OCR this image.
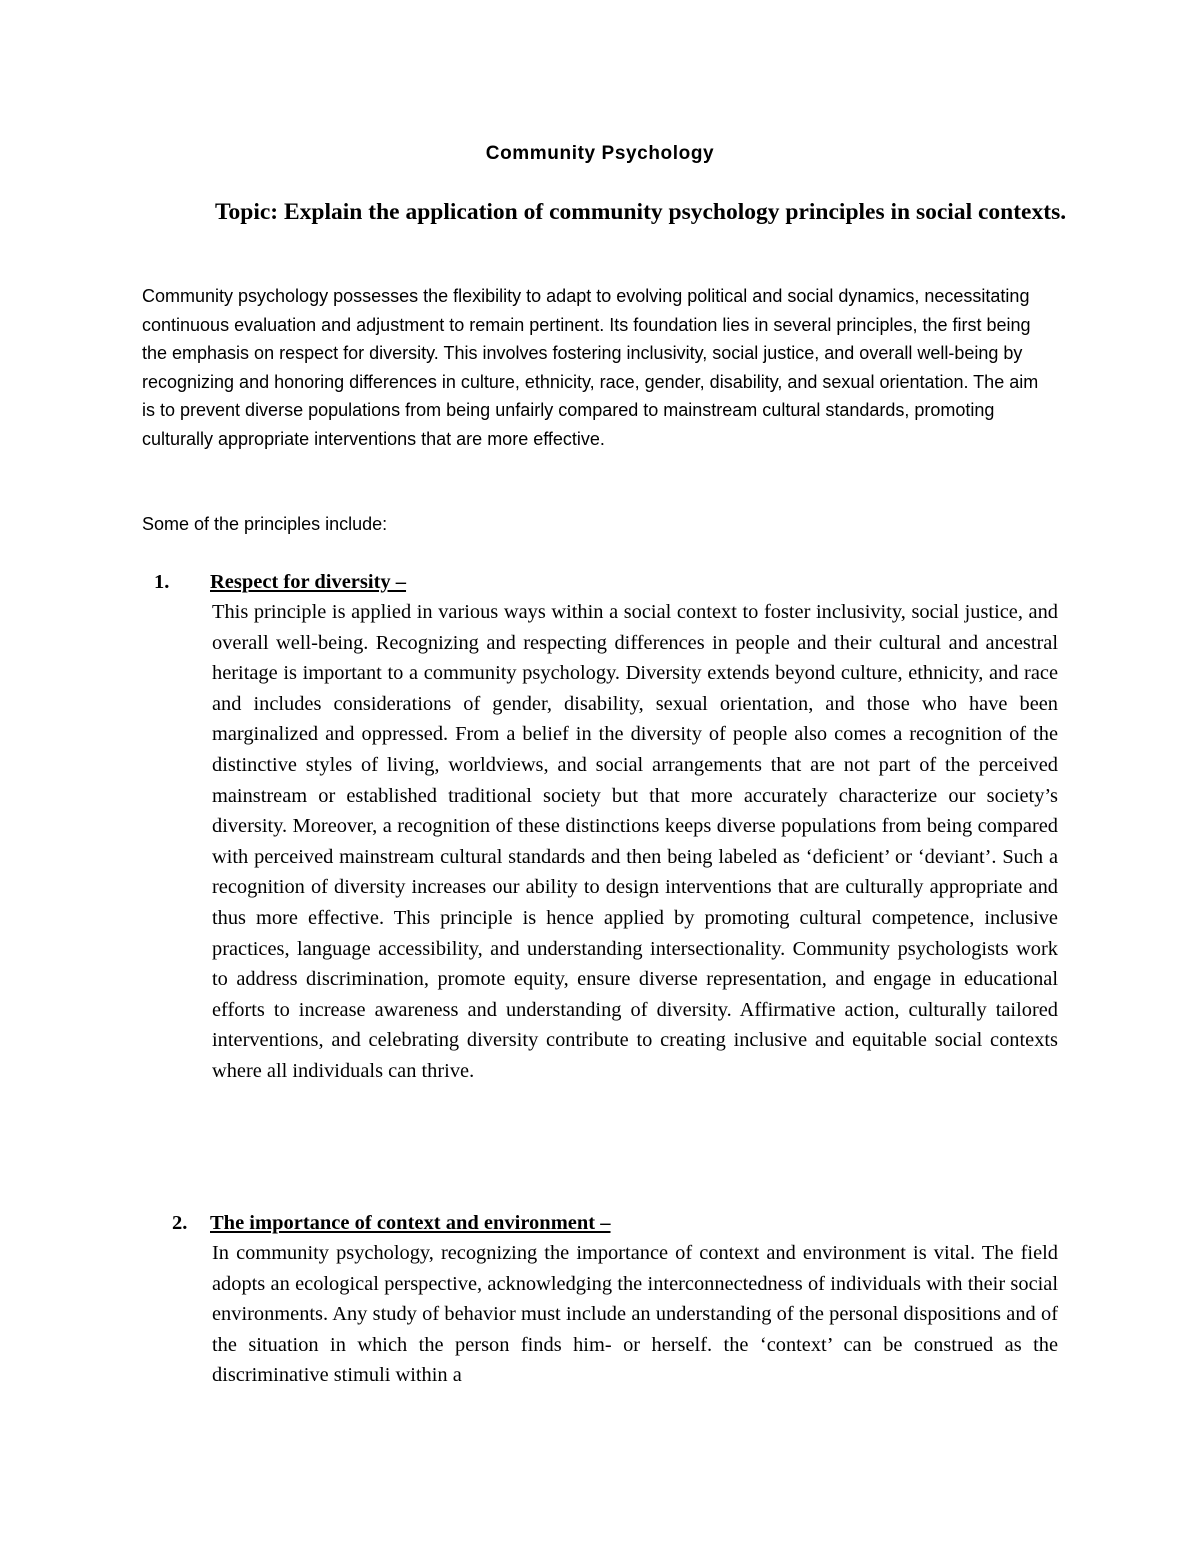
Community Psychology
Topic: Explain the application of community psychology principles in social contexts.

Community psychology possesses the flexibility to adapt to evolving political and social dynamics, necessitating continuous evaluation and adjustment to remain pertinent. Its foundation lies in several principles, the first being the emphasis on respect for diversity. This involves fostering inclusivity, social justice, and overall well-being by recognizing and honoring differences in culture, ethnicity, race, gender, disability, and sexual orientation. The aim is to prevent diverse populations from being unfairly compared to mainstream cultural standards, promoting culturally appropriate interventions that are more effective.

Some of the principles include:
1. Respect for diversity –

This principle is applied in various ways within a social context to foster inclusivity, social justice, and overall well-being. Recognizing and respecting differences in people and their cultural and ancestral heritage is important to a community psychology. Diversity extends beyond culture, ethnicity, and race and includes considerations of gender, disability, sexual orientation, and those who have been marginalized and oppressed. From a belief in the diversity of people also comes a recognition of the distinctive styles of living, worldviews, and social arrangements that are not part of the perceived mainstream or established traditional society but that more accurately characterize our society’s diversity. Moreover, a recognition of these distinctions keeps diverse populations from being compared with perceived mainstream cultural standards and then being labeled as ‘deficient’ or ‘deviant’. Such a recognition of diversity increases our ability to design interventions that are culturally appropriate and thus more effective. This principle is hence applied by promoting cultural competence, inclusive practices, language accessibility, and understanding intersectionality. Community psychologists work to address discrimination, promote equity, ensure diverse representation, and engage in educational efforts to increase awareness and understanding of diversity. Affirmative action, culturally tailored interventions, and celebrating diversity contribute to creating inclusive and equitable social contexts where all individuals can thrive.

2. The importance of context and environment –

In community psychology, recognizing the importance of context and environment is vital. The field adopts an ecological perspective, acknowledging the interconnectedness of individuals with their social environments. Any study of behavior must include an understanding of the personal dispositions and of the situation in which the person finds him- or herself. the ‘context’ can be construed as the discriminative stimuli within a
